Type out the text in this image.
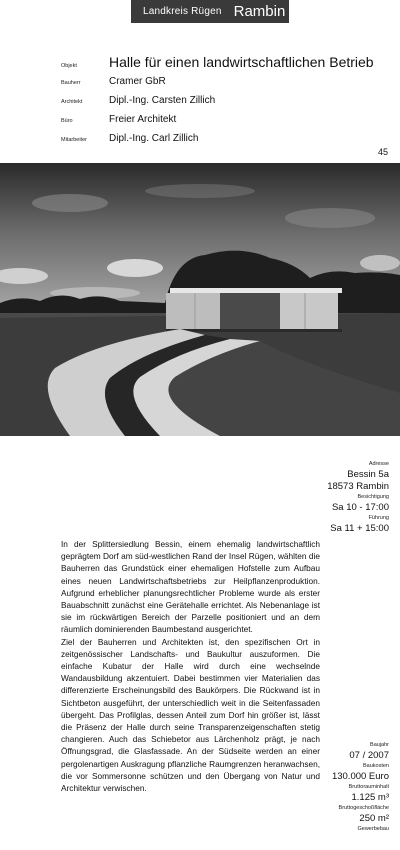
Landkreis Rügen Rambin
Objekt	Halle für einen landwirtschaftlichen Betrieb
Bauherr	Cramer GbR
Architekt	Dipl.-Ing. Carsten Zillich
Büro	Freier Architekt
Mitarbeiter	Dipl.-Ing. Carl Zillich
45
Adresse
Bessin 5a
18573 Rambin
Besichtigung
Sa 10 - 17:00
Führung
Sa 11 + 15:00

In der Splittersiedlung Bessin, einem ehemalig landwirtschaftlich geprägtem Dorf am süd-westlichen Rand der Insel Rügen, wählten die Bauherren das Grundstück einer ehemaligen Hofstelle zum Aufbau eines neuen Landwirtschaftsbetriebs zur Heilpflanzenproduktion. Aufgrund erheblicher planungsrechtlicher Probleme wurde als erster Bauabschnitt zunächst eine Gerätehalle errichtet. Als Nebenanlage ist sie im rückwärtigen Bereich der Parzelle positioniert und an dem räumlich dominierenden Baumbestand ausgerichtet.

Ziel der Bauherren und Architekten ist, den spezifischen Ort in zeitgenössischer Landschafts- und Baukultur auszuformen. Die einfache Kubatur der Halle wird durch eine wechselnde Wandausbildung akzentuiert. Dabei bestimmen vier Materialien das differenzierte Erscheinungsbild des Baukörpers. Die Rückwand ist in Sichtbeton ausgeführt, der unterschiedlich weit in die Seitenfassaden übergeht. Das Profilglas, dessen Anteil zum Dorf hin größer ist, lässt die Präsenz der Halle durch seine Transparenzeigenschaften stetig changieren. Auch das Schiebetor aus Lärchenholz prägt, je nach Öffnungsgrad, die Glasfassade. An der Südseite werden an einer pergolenartigen Auskragung pflanzliche Raumgrenzen heranwachsen, die vor Sommersonne schützen und den Übergang von Natur und Architektur verwischen.

Baujahr
07 / 2007
Baukosten
130.000 Euro
Bruttorauminhalt
1.125 m³
Bruttogeschoßfläche
250 m²
Gewerbebau
